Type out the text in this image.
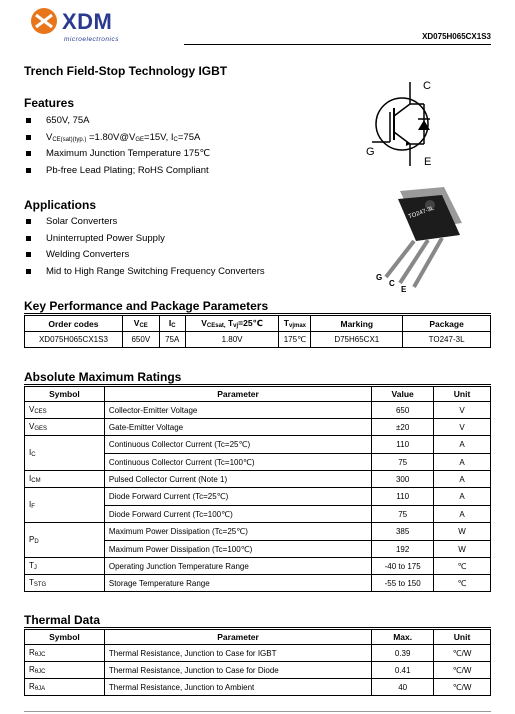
XDM
microelectronics	XD075H065CX1S3
Trench Field-Stop Technology IGBT
Features
650V, 75A
VCE(sat)(typ.) =1.80V@VGE=15V, IC=75A
Maximum Junction Temperature 175℃
Pb-free Lead Plating; RoHS Compliant
C
G
E
TO247-3L
G
C
E
Applications
Solar Converters
Uninterrupted Power Supply
Welding Converters
Mid to High Range Switching Frequency Converters
Key Performance and Package Parameters
Order codes	VCE	IC	VCEsat, Tvj=25℃	Tvjmax	Marking	Package
XD075H065CX1S3	650V	75A	1.80V	175℃	D75H65CX1	TO247-3L
Absolute Maximum Ratings
Symbol	Parameter	Value	Unit
VCES	Collector-Emitter Voltage	650	V
VGES	Gate-Emitter Voltage	±20	V
IC	Continuous Collector Current (Tc=25℃)	110	A
	Continuous Collector Current (Tc=100℃)	75	A
ICM	Pulsed Collector Current (Note 1)	300	A
IF	Diode Forward Current (Tc=25℃)	110	A
	Diode Forward Current (Tc=100℃)	75	A
PD	Maximum Power Dissipation (Tc=25℃)	385	W
	Maximum Power Dissipation (Tc=100℃)	192	W
TJ	Operating Junction Temperature Range	-40 to 175	℃
TSTG	Storage Temperature Range	-55 to 150	℃
Thermal Data
Symbol	Parameter	Max.	Unit
RθJC	Thermal Resistance, Junction to Case for IGBT	0.39	℃/W
RθJC	Thermal Resistance, Junction to Case for Diode	0.41	℃/W
RθJA	Thermal Resistance, Junction to Ambient	40	℃/W
